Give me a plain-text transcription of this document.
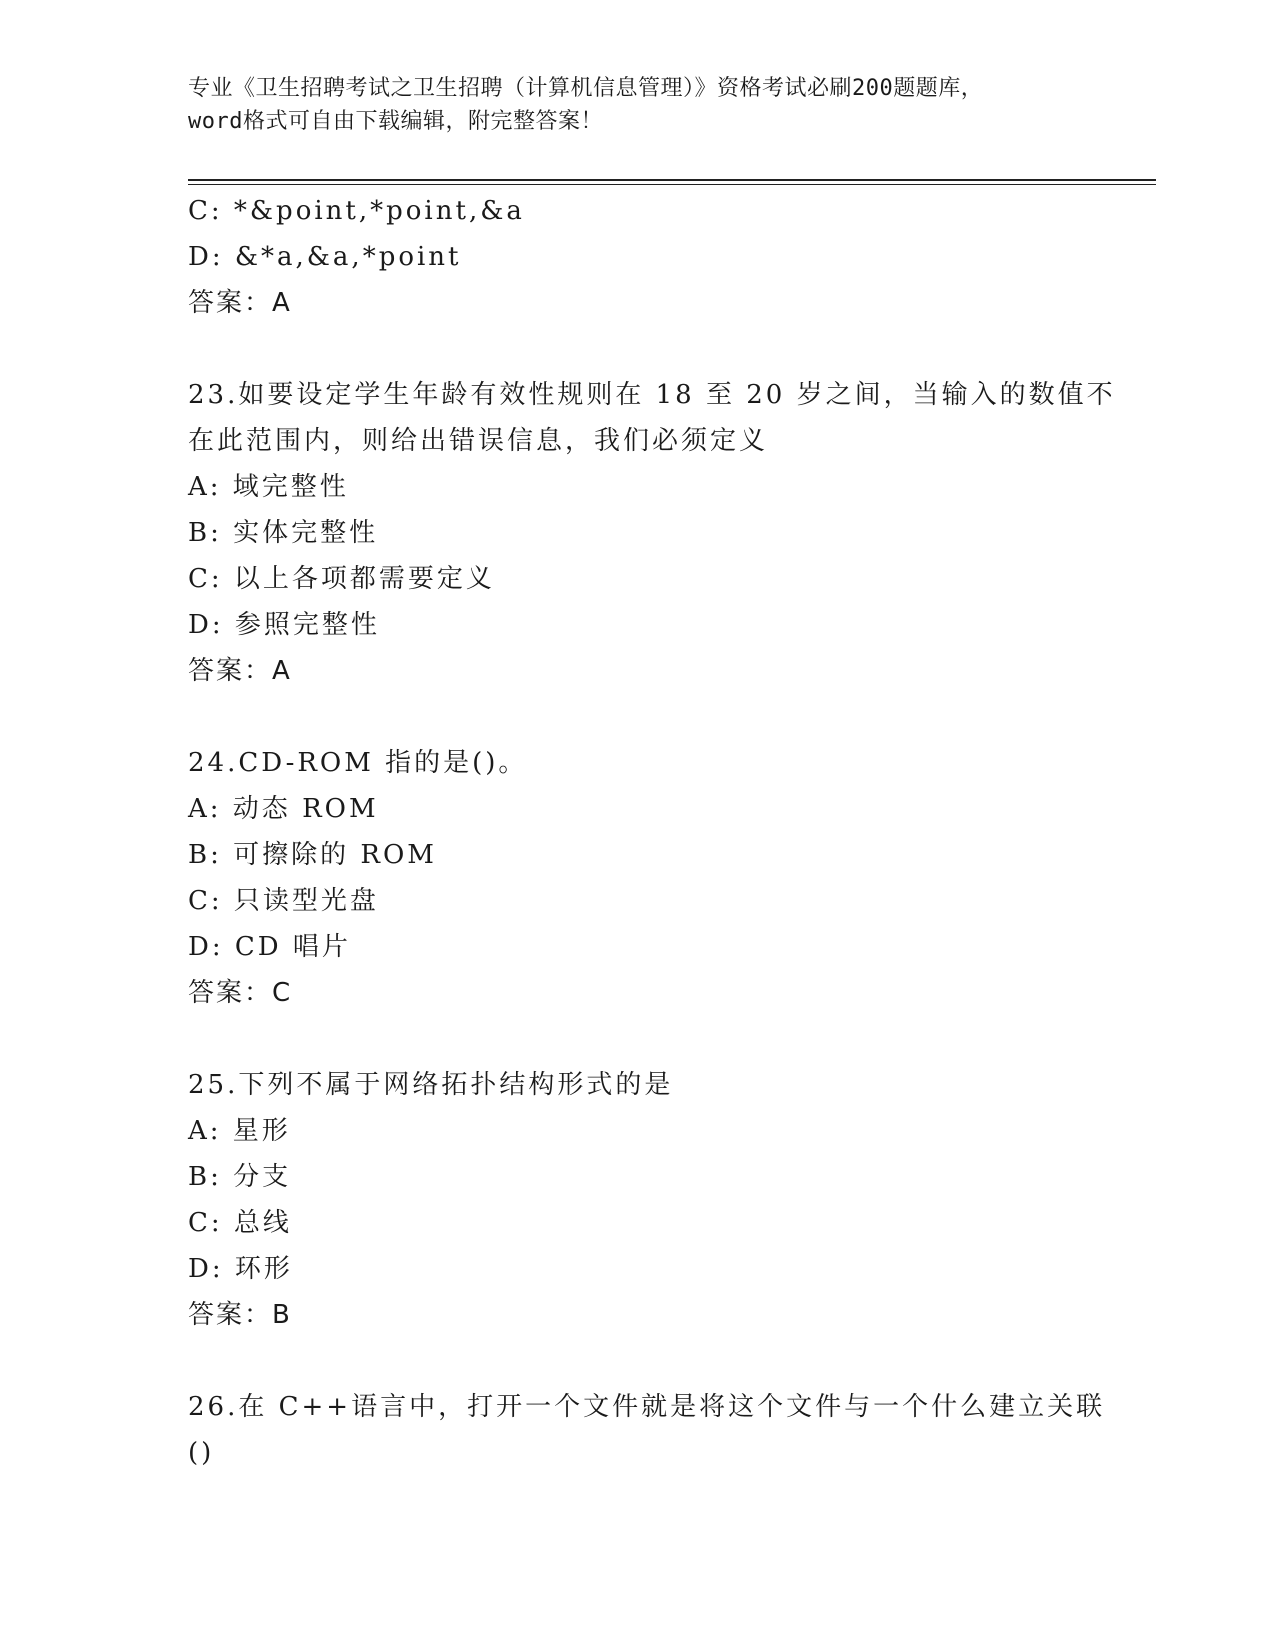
专业《卫生招聘考试之卫生招聘（计算机信息管理）》资格考试必刷200题题库，
word格式可自由下载编辑，附完整答案！
C: *&point,*point,&a
D: &*a,&a,*point
答案：A
23.如要设定学生年龄有效性规则在 18 至 20 岁之间，当输入的数值不
在此范围内，则给出错误信息，我们必须定义
A: 域完整性
B: 实体完整性
C: 以上各项都需要定义
D: 参照完整性
答案：A
24.CD-ROM 指的是()。
A: 动态 ROM
B: 可擦除的 ROM
C: 只读型光盘
D: CD 唱片
答案：C
25.下列不属于网络拓扑结构形式的是
A: 星形
B: 分支
C: 总线
D: 环形
答案：B
26.在 C++语言中，打开一个文件就是将这个文件与一个什么建立关联
()
